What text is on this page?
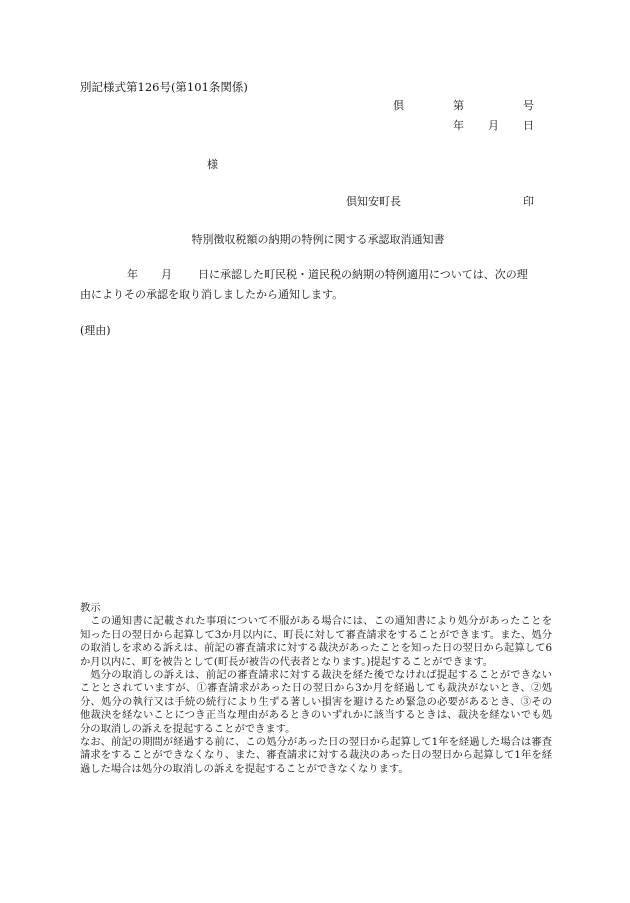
別記様式第126号(第101条関係)
倶	第	号
年 月 日
様
倶知安町長	印
特別徴収税額の納期の特例に関する承認取消通知書
年 月 日に承認した町民税・道民税の納期の特例適用については、次の理
由によりその承認を取り消しましたから通知します。
(理由)

教示

この通知書に記載された事項について不服がある場合には、この通知書により処分があったことを知った日の翌日から起算して3か月以内に、町長に対して審査請求をすることができます。また、処分の取消しを求める訴えは、前記の審査請求に対する裁決があったことを知った日の翌日から起算して6か月以内に、町を被告として(町長が被告の代表者となります。)提起することができます。

処分の取消しの訴えは、前記の審査請求に対する裁決を経た後でなければ提起することができないこととされていますが、①審査請求があった日の翌日から3か月を経過しても裁決がないとき、②処分、処分の執行又は手続の続行により生ずる著しい損害を避けるため緊急の必要があるとき、③その他裁決を経ないことにつき正当な理由があるときのいずれかに該当するときは、裁決を経ないでも処分の取消しの訴えを提起することができます。

なお、前記の期間が経過する前に、この処分があった日の翌日から起算して1年を経過した場合は審査請求をすることができなくなり、また、審査請求に対する裁決のあった日の翌日から起算して1年を経過した場合は処分の取消しの訴えを提起することができなくなります。
